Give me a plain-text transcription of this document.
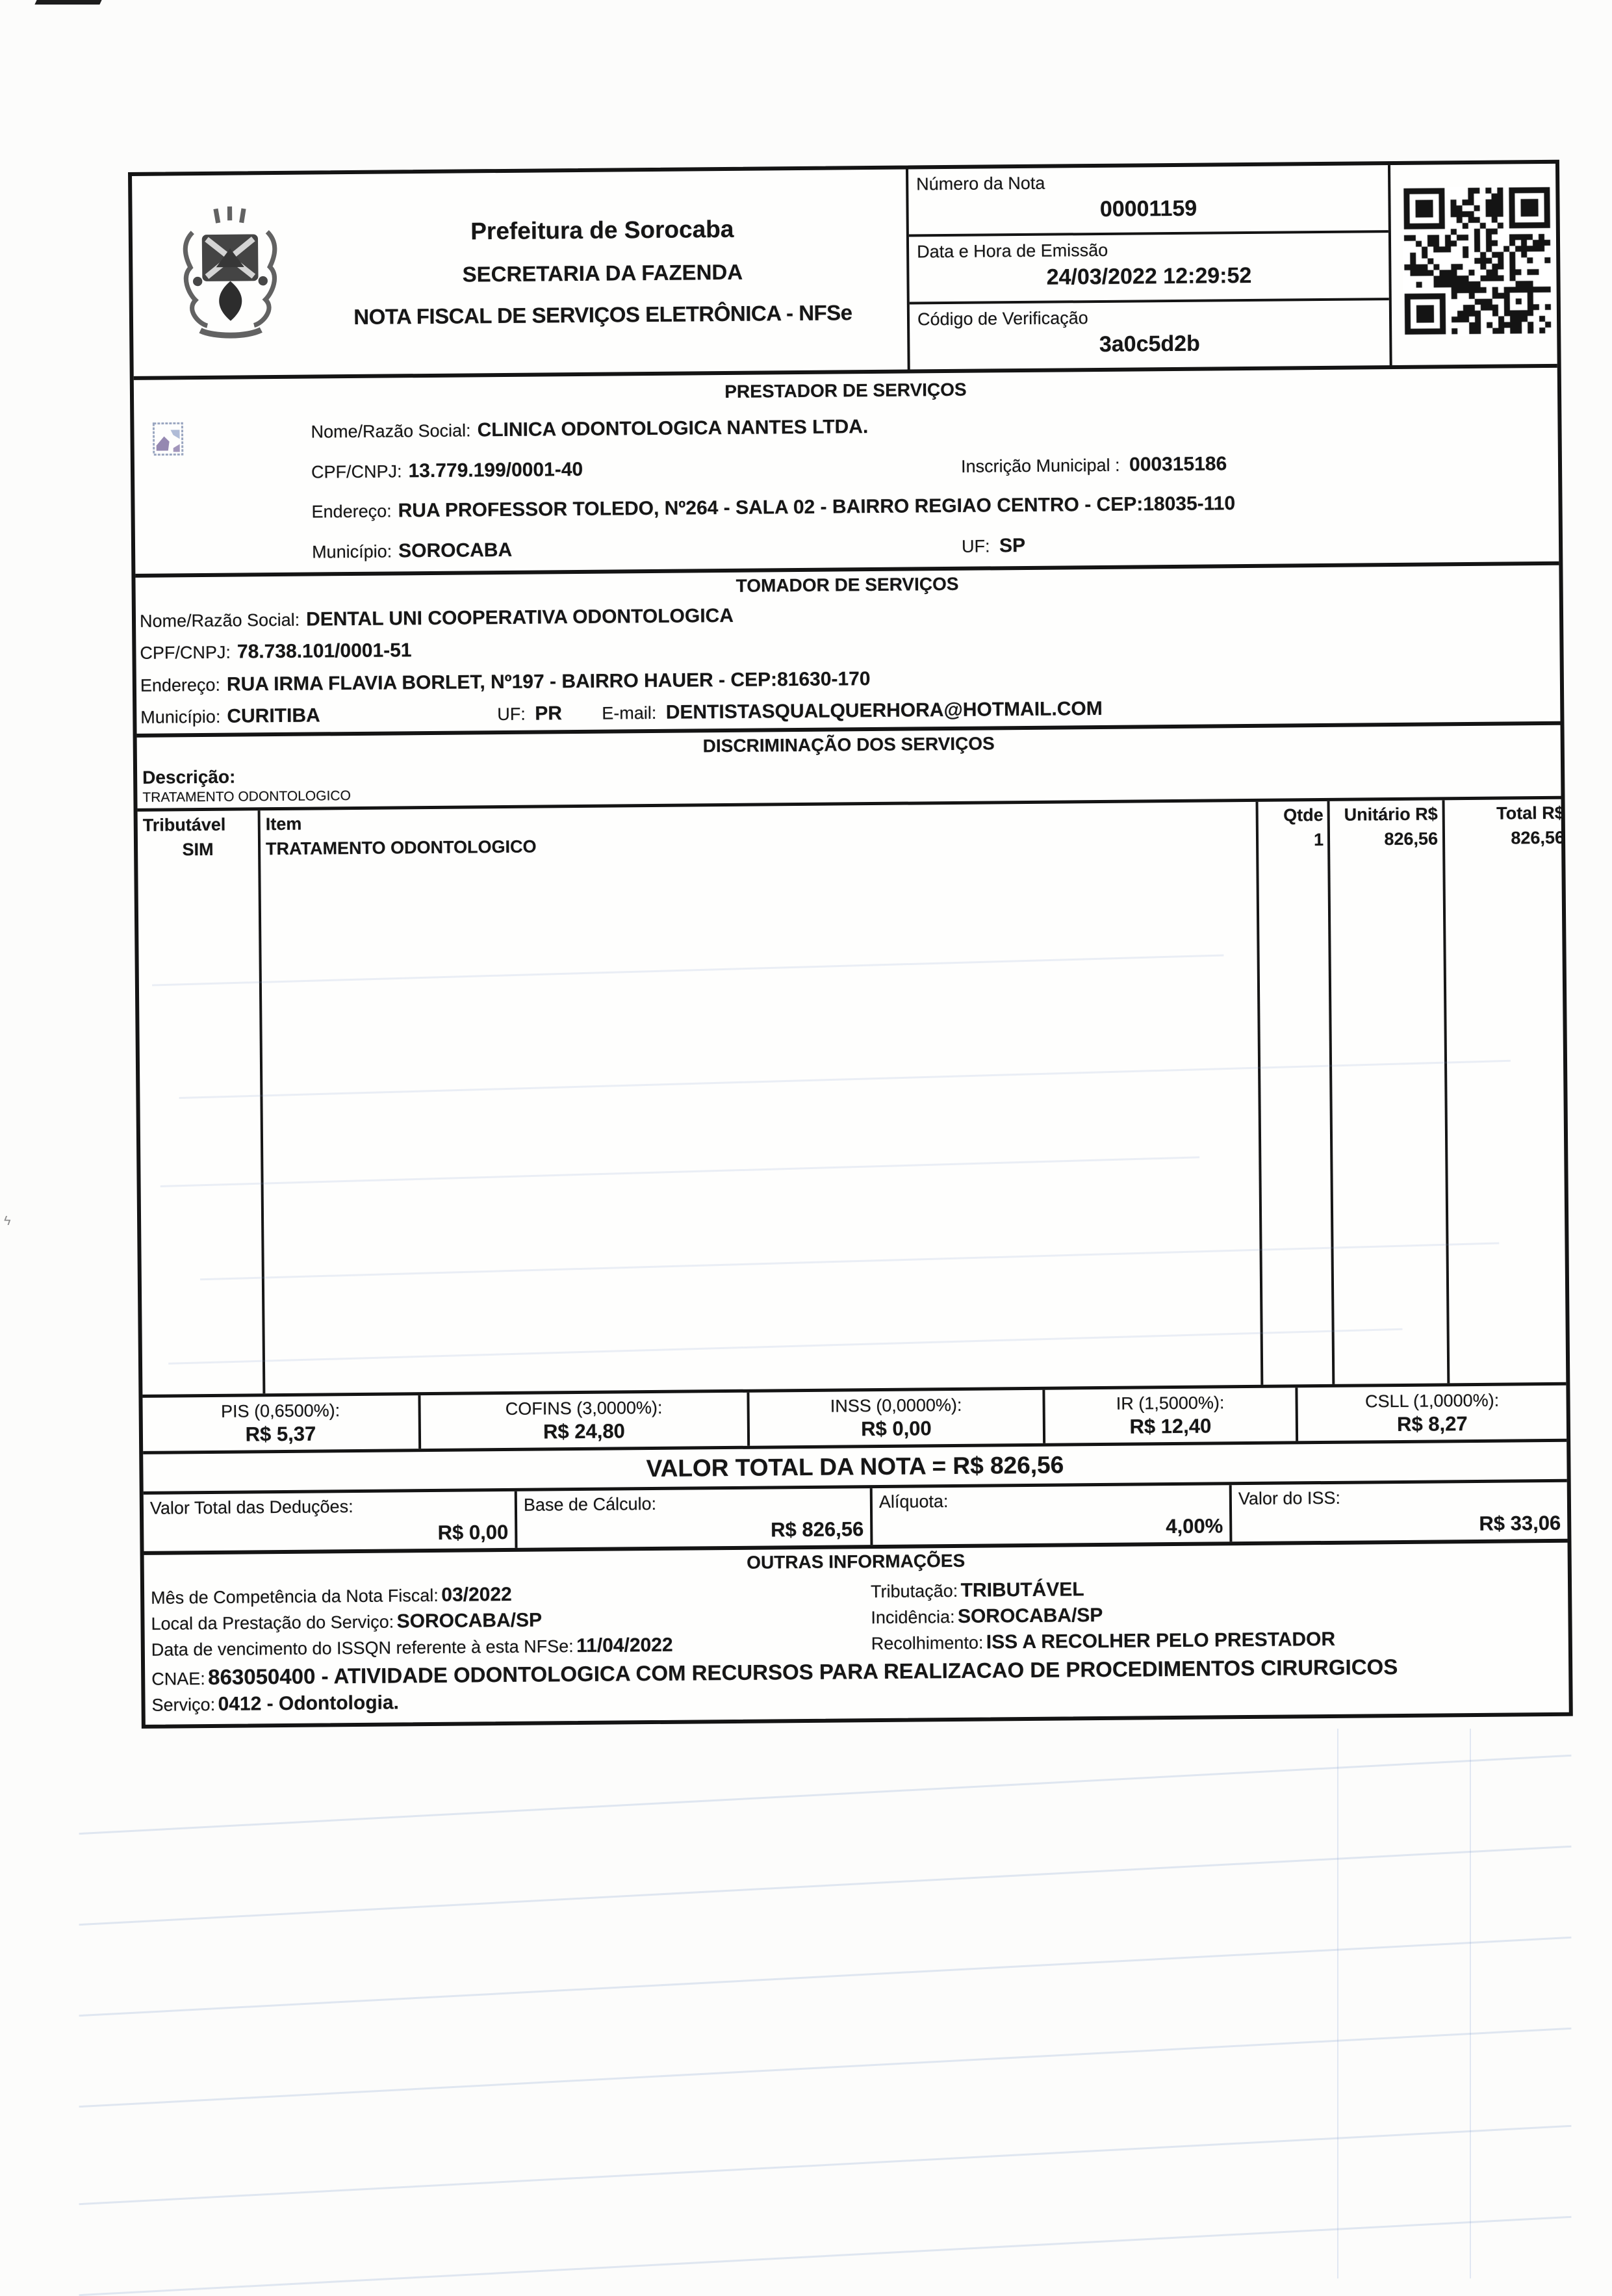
ϟ
Prefeitura de Sorocaba
SECRETARIA DA FAZENDA
NOTA FISCAL DE SERVIÇOS ELETRÔNICA - NFSe
Número da Nota
00001159
Data e Hora de Emissão
24/03/2022 12:29:52
Código de Verificação
3a0c5d2b
PRESTADOR DE SERVIÇOS
Nome/Razão Social: CLINICA ODONTOLOGICA NANTES LTDA.
CPF/CNPJ: 13.779.199/0001-40	Inscrição Municipal : 000315186
Endereço: RUA PROFESSOR TOLEDO, Nº264 - SALA 02 - BAIRRO REGIAO CENTRO - CEP:18035-110
Município: SOROCABA	UF: SP
TOMADOR DE SERVIÇOS
Nome/Razão Social: DENTAL UNI COOPERATIVA ODONTOLOGICA
CPF/CNPJ: 78.738.101/0001-51
Endereço: RUA IRMA FLAVIA BORLET, Nº197 - BAIRRO HAUER - CEP:81630-170
Município: CURITIBA	UF: PR E-mail: DENTISTASQUALQUERHORA@HOTMAIL.COM
DISCRIMINAÇÃO DOS SERVIÇOS
Descrição:
TRATAMENTO ODONTOLOGICO
Tributável Item	Qtde	Unitário R$	Total R$
SIM	TRATAMENTO ODONTOLOGICO	1	826,56	826,56
PIS (0,6500%):
R$ 5,37
COFINS (3,0000%):
R$ 24,80
INSS (0,0000%):
R$ 0,00
IR (1,5000%):
R$ 12,40
CSLL (1,0000%):
R$ 8,27
VALOR TOTAL DA NOTA = R$ 826,56
Valor Total das Deduções:
R$ 0,00
Base de Cálculo:
R$ 826,56
Alíquota:
4,00%
Valor do ISS:
R$ 33,06
OUTRAS INFORMAÇÕES
Mês de Competência da Nota Fiscal: 03/2022	Tributação: TRIBUTÁVEL
Local da Prestação do Serviço: SOROCABA/SP	Incidência: SOROCABA/SP
Data de vencimento do ISSQN referente à esta NFSe: 11/04/2022	Recolhimento: ISS A RECOLHER PELO PRESTADOR
CNAE: 863050400 - ATIVIDADE ODONTOLOGICA COM RECURSOS PARA REALIZACAO DE PROCEDIMENTOS CIRURGICOS
Serviço: 0412 - Odontologia.
